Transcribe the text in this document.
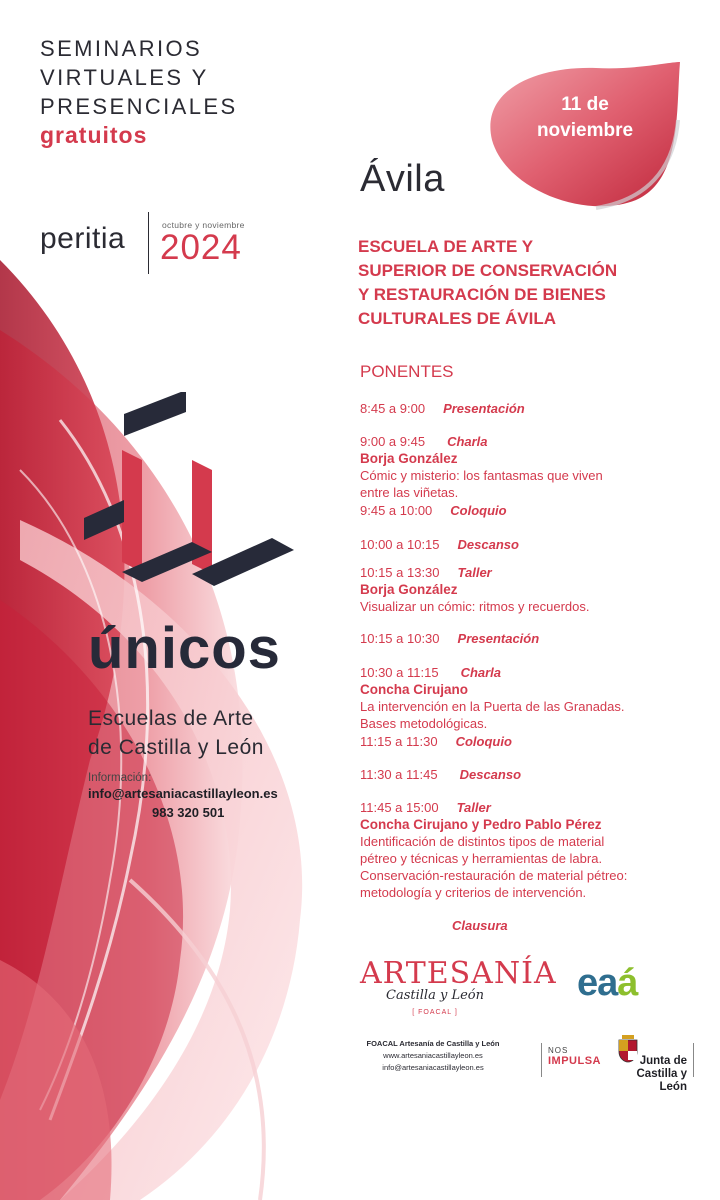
SEMINARIOS
VIRTUALES Y
PRESENCIALES
gratuitos
peritia	octubre y noviembre
2024
únicos
Escuelas de Arte
de Castilla y León
Información:
info@artesaniacastillayleon.es
983 320 501
11 de
noviembre
Ávila
ESCUELA DE ARTE Y
SUPERIOR DE CONSERVACIÓN
Y RESTAURACIÓN DE BIENES
CULTURALES DE ÁVILA
PONENTES
8:45 a 9:00 Presentación
9:00 a 9:45 Charla
Borja González
Cómic y misterio: los fantasmas que viven
entre las viñetas.
9:45 a 10:00 Coloquio
10:00 a 10:15 Descanso
10:15 a 13:30 Taller
Borja González
Visualizar un cómic: ritmos y recuerdos.
10:15 a 10:30 Presentación
10:30 a 11:15 Charla
Concha Cirujano
La intervención en la Puerta de las Granadas.
Bases metodológicas.
11:15 a 11:30 Coloquio
11:30 a 11:45 Descanso
11:45 a 15:00 Taller
Concha Cirujano y Pedro Pablo Pérez
Identificación de distintos tipos de material
pétreo y técnicas y herramientas de labra.
Conservación-restauración de material pétreo:
metodología y criterios de intervención.
Clausura
ARTESANÍA
Castilla y León
[ FOACAL ]
eaá
FOACAL Artesanía de Castilla y León
www.artesaniacastillayleon.es
info@artesaniacastillayleon.es
NOS
IMPULSA	Junta de
Castilla y León
